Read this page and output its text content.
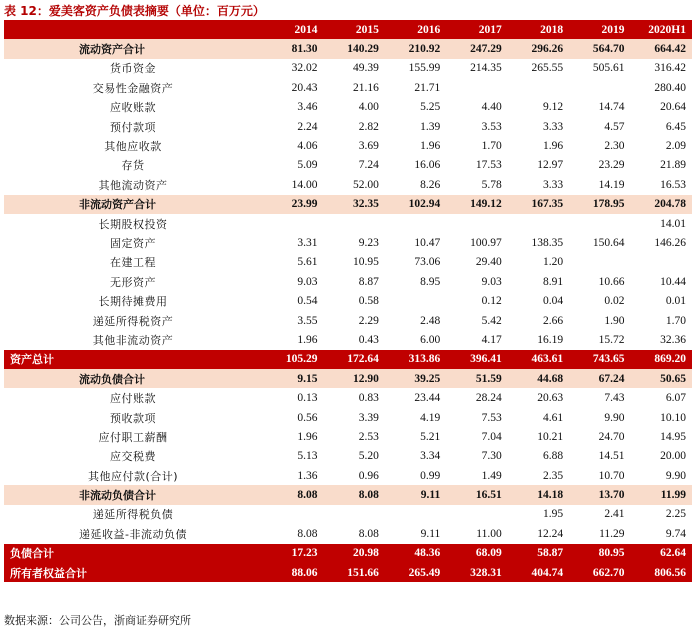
表 12：爱美客资产负债表摘要（单位：百万元）
	2014	2015	2016	2017	2018	2019	2020H1
流动资产合计	81.30	140.29	210.92	247.29	296.26	564.70	664.42
货币资金	32.02	49.39	155.99	214.35	265.55	505.61	316.42
交易性金融资产	20.43	21.16	21.71				280.40
应收账款	3.46	4.00	5.25	4.40	9.12	14.74	20.64
预付款项	2.24	2.82	1.39	3.53	3.33	4.57	6.45
其他应收款	4.06	3.69	1.96	1.70	1.96	2.30	2.09
存货	5.09	7.24	16.06	17.53	12.97	23.29	21.89
其他流动资产	14.00	52.00	8.26	5.78	3.33	14.19	16.53
非流动资产合计	23.99	32.35	102.94	149.12	167.35	178.95	204.78
长期股权投资							14.01
固定资产	3.31	9.23	10.47	100.97	138.35	150.64	146.26
在建工程	5.61	10.95	73.06	29.40	1.20		
无形资产	9.03	8.87	8.95	9.03	8.91	10.66	10.44
长期待摊费用	0.54	0.58		0.12	0.04	0.02	0.01
递延所得税资产	3.55	2.29	2.48	5.42	2.66	1.90	1.70
其他非流动资产	1.96	0.43	6.00	4.17	16.19	15.72	32.36
资产总计	105.29	172.64	313.86	396.41	463.61	743.65	869.20
流动负债合计	9.15	12.90	39.25	51.59	44.68	67.24	50.65
应付账款	0.13	0.83	23.44	28.24	20.63	7.43	6.07
预收款项	0.56	3.39	4.19	7.53	4.61	9.90	10.10
应付职工薪酬	1.96	2.53	5.21	7.04	10.21	24.70	14.95
应交税费	5.13	5.20	3.34	7.30	6.88	14.51	20.00
其他应付款(合计)	1.36	0.96	0.99	1.49	2.35	10.70	9.90
非流动负债合计	8.08	8.08	9.11	16.51	14.18	13.70	11.99
递延所得税负债					1.95	2.41	2.25
递延收益-非流动负债	8.08	8.08	9.11	11.00	12.24	11.29	9.74
负债合计	17.23	20.98	48.36	68.09	58.87	80.95	62.64
所有者权益合计	88.06	151.66	265.49	328.31	404.74	662.70	806.56
数据来源：公司公告，浙商证券研究所
